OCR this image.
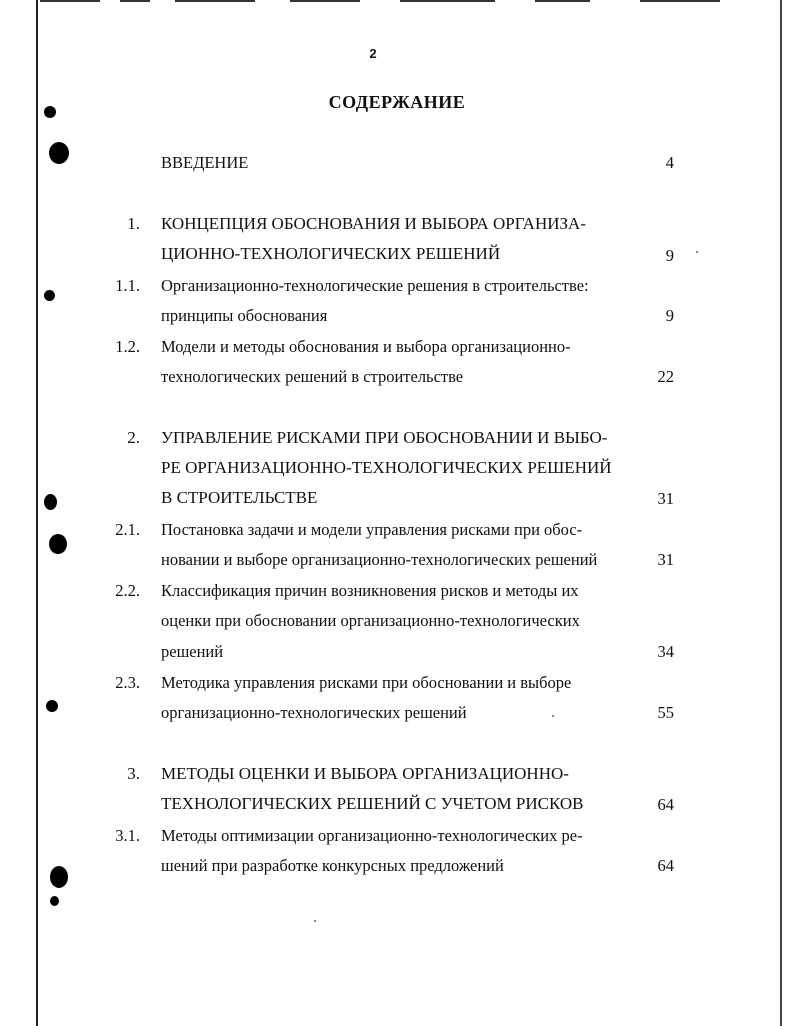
2
СОДЕРЖАНИЕ
ВВЕДЕНИЕ	4
1. КОНЦЕПЦИЯ ОБОСНОВАНИЯ И ВЫБОРА ОРГАНИЗА-
ЦИОННО-ТЕХНОЛОГИЧЕСКИХ РЕШЕНИЙ	9
1.1. Организационно-технологические решения в строительстве:
принципы обоснования	9
1.2. Модели и методы обоснования и выбора организационно-
технологических решений в строительстве	22
2. УПРАВЛЕНИЕ РИСКАМИ ПРИ ОБОСНОВАНИИ И ВЫБО-
РЕ ОРГАНИЗАЦИОННО-ТЕХНОЛОГИЧЕСКИХ РЕШЕНИЙ
В СТРОИТЕЛЬСТВЕ	31
2.1. Постановка задачи и модели управления рисками при обос-
новании и выборе организационно-технологических решений	31
2.2. Классификация причин возникновения рисков и методы их
оценки при обосновании организационно-технологических
решений	34
2.3. Методика управления рисками при обосновании и выборе
организационно-технологических решений	55
3. МЕТОДЫ ОЦЕНКИ И ВЫБОРА ОРГАНИЗАЦИОННО-
ТЕХНОЛОГИЧЕСКИХ РЕШЕНИЙ С УЧЕТОМ РИСКОВ	64
3.1. Методы оптимизации организационно-технологических ре-
шений при разработке конкурсных предложений	64
